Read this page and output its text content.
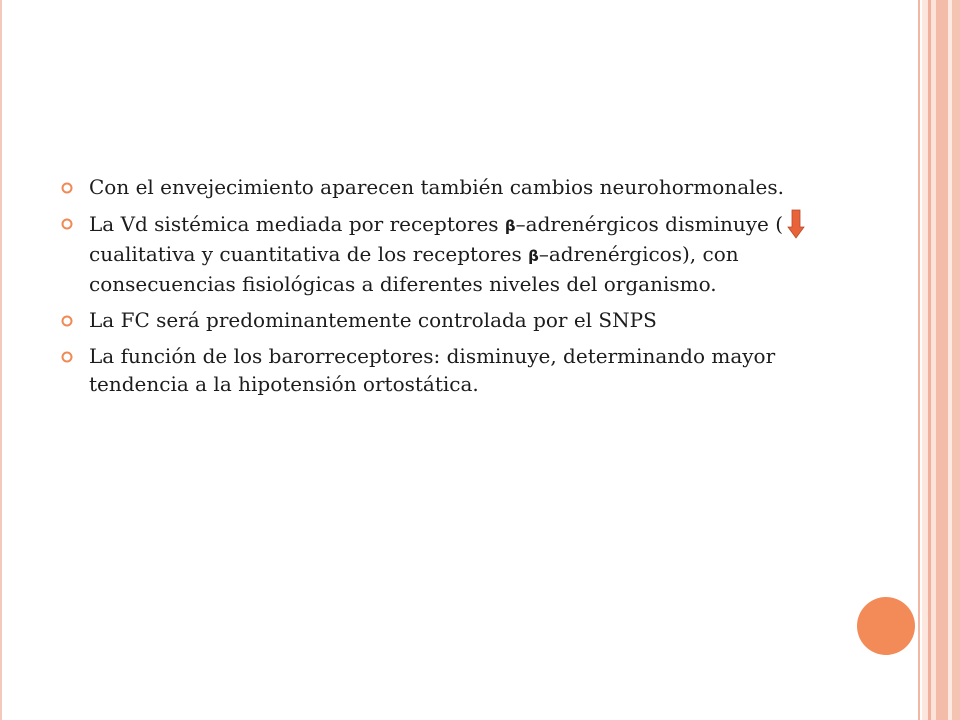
Con el envejecimiento aparecen también cambios neurohormonales.
La Vd sistémica mediada por receptores β–adrenérgicos disminuye (cualitativa y cuantitativa de los receptores β–adrenérgicos), con consecuencias fisiológicas a diferentes niveles del organismo.
La FC será predominantemente controlada por el SNPS
La función de los barorreceptores: disminuye, determinando mayor tendencia a la hipotensión ortostática.
